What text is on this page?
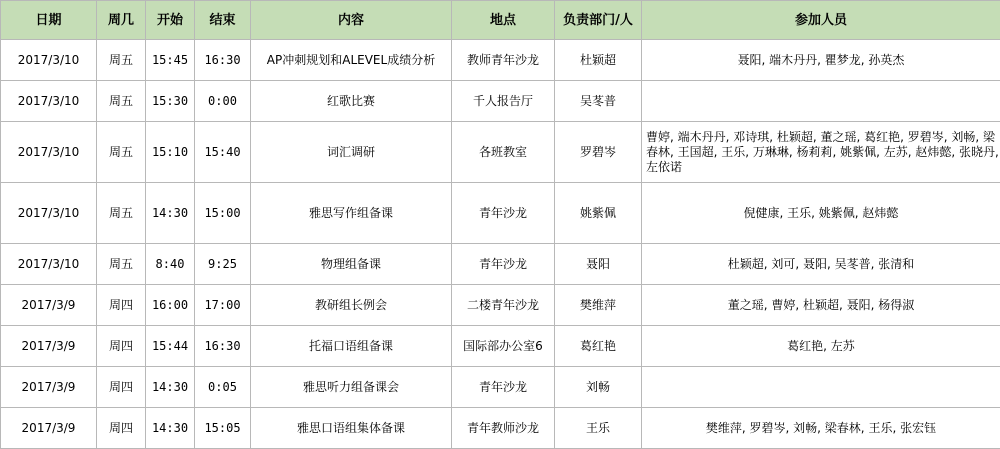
日期	周几	开始	结束	内容	地点	负责部门/人	参加人员
2017/3/10	周五	15:45	16:30	AP冲刺规划和ALEVEL成绩分析	教师青年沙龙	杜颖超	聂阳, 端木丹丹, 瞿梦龙, 孙英杰
2017/3/10	周五	15:30	0:00	红歌比赛	千人报告厅	吴苳普	
2017/3/10	周五	15:10	15:40	词汇调研	各班教室	罗碧岑	曹婷, 端木丹丹, 邓诗琪, 杜颖超, 董之瑶, 葛红艳, 罗碧岑, 刘畅, 梁春林, 王国超, 王乐, 万琳琳, 杨莉莉, 姚紫佩, 左苏, 赵炜懿, 张晓丹, 左依诺
2017/3/10	周五	14:30	15:00	雅思写作组备课	青年沙龙	姚紫佩	倪健康, 王乐, 姚紫佩, 赵炜懿
2017/3/10	周五	8:40	9:25	物理组备课	青年沙龙	聂阳	杜颖超, 刘可, 聂阳, 吴苳普, 张清和
2017/3/9	周四	16:00	17:00	教研组长例会	二楼青年沙龙	樊维萍	董之瑶, 曹婷, 杜颖超, 聂阳, 杨得淑
2017/3/9	周四	15:44	16:30	托福口语组备课	国际部办公室6	葛红艳	葛红艳, 左苏
2017/3/9	周四	14:30	0:05	雅思听力组备课会	青年沙龙	刘畅	
2017/3/9	周四	14:30	15:05	雅思口语组集体备课	青年教师沙龙	王乐	樊维萍, 罗碧岑, 刘畅, 梁春林, 王乐, 张宏钰
